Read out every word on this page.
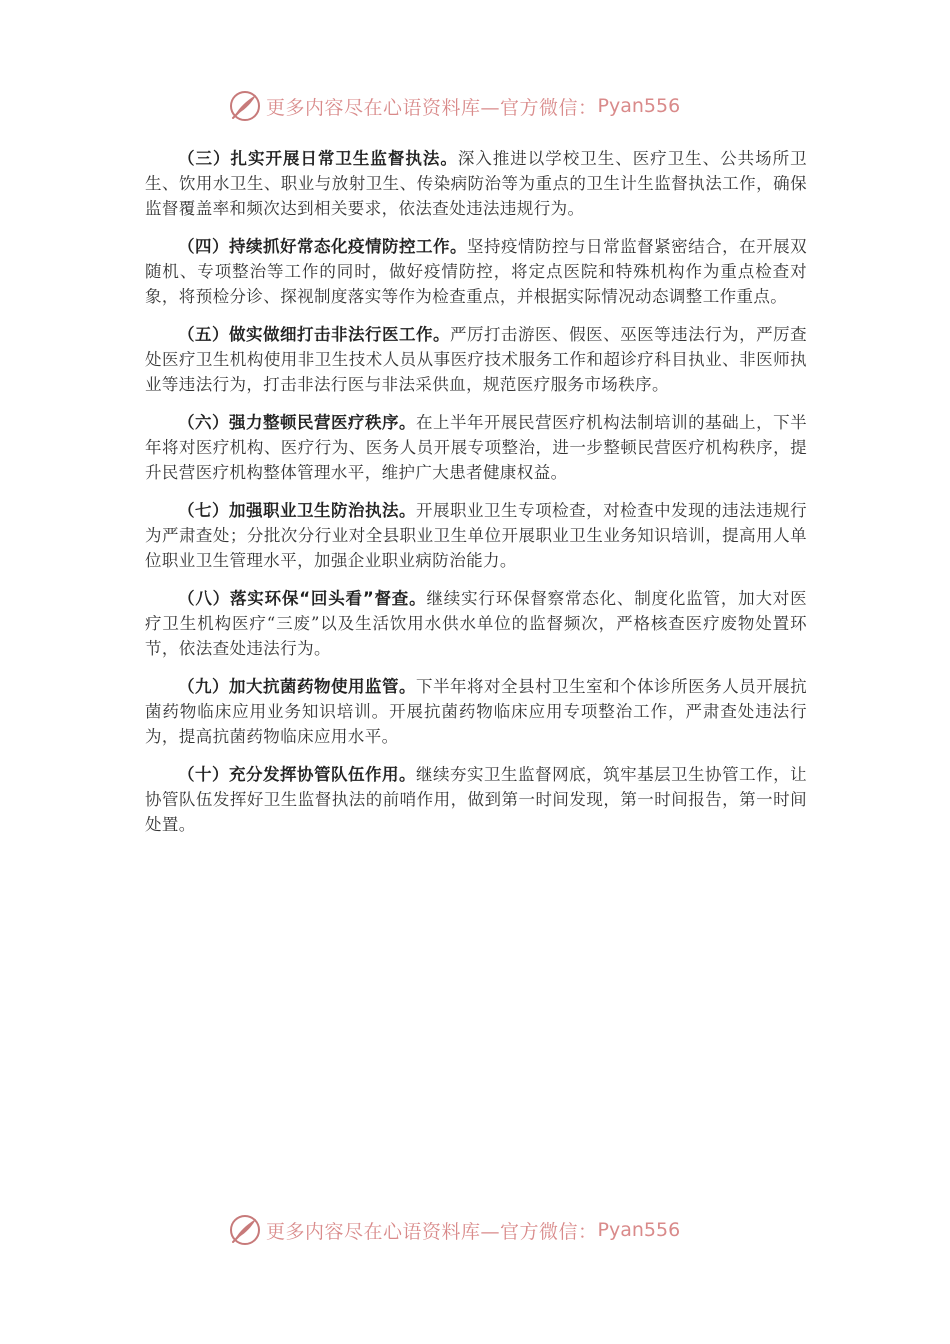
更多内容尽在心语资料库—官方微信： Pyan556

（三）扎实开展日常卫生监督执法。深入推进以学校卫生、医疗卫生、公共场所卫生、饮用水卫生、职业与放射卫生、传染病防治等为重点的卫生计生监督执法工作，确保监督覆盖率和频次达到相关要求，依法查处违法违规行为。

（四）持续抓好常态化疫情防控工作。坚持疫情防控与日常监督紧密结合，在开展双随机、专项整治等工作的同时，做好疫情防控，将定点医院和特殊机构作为重点检查对象，将预检分诊、探视制度落实等作为检查重点，并根据实际情况动态调整工作重点。

（五）做实做细打击非法行医工作。严厉打击游医、假医、巫医等违法行为，严厉查处医疗卫生机构使用非卫生技术人员从事医疗技术服务工作和超诊疗科目执业、非医师执业等违法行为，打击非法行医与非法采供血，规范医疗服务市场秩序。

（六）强力整顿民营医疗秩序。在上半年开展民营医疗机构法制培训的基础上，下半年将对医疗机构、医疗行为、医务人员开展专项整治，进一步整顿民营医疗机构秩序，提升民营医疗机构整体管理水平，维护广大患者健康权益。

（七）加强职业卫生防治执法。开展职业卫生专项检查，对检查中发现的违法违规行为严肃查处；分批次分行业对全县职业卫生单位开展职业卫生业务知识培训，提高用人单位职业卫生管理水平，加强企业职业病防治能力。

（八）落实环保“回头看”督查。继续实行环保督察常态化、制度化监管，加大对医疗卫生机构医疗“三废”以及生活饮用水供水单位的监督频次，严格核查医疗废物处置环节，依法查处违法行为。

（九）加大抗菌药物使用监管。下半年将对全县村卫生室和个体诊所医务人员开展抗菌药物临床应用业务知识培训。开展抗菌药物临床应用专项整治工作，严肃查处违法行为，提高抗菌药物临床应用水平。

（十）充分发挥协管队伍作用。继续夯实卫生监督网底，筑牢基层卫生协管工作，让协管队伍发挥好卫生监督执法的前哨作用，做到第一时间发现，第一时间报告，第一时间处置。

更多内容尽在心语资料库—官方微信： Pyan556
